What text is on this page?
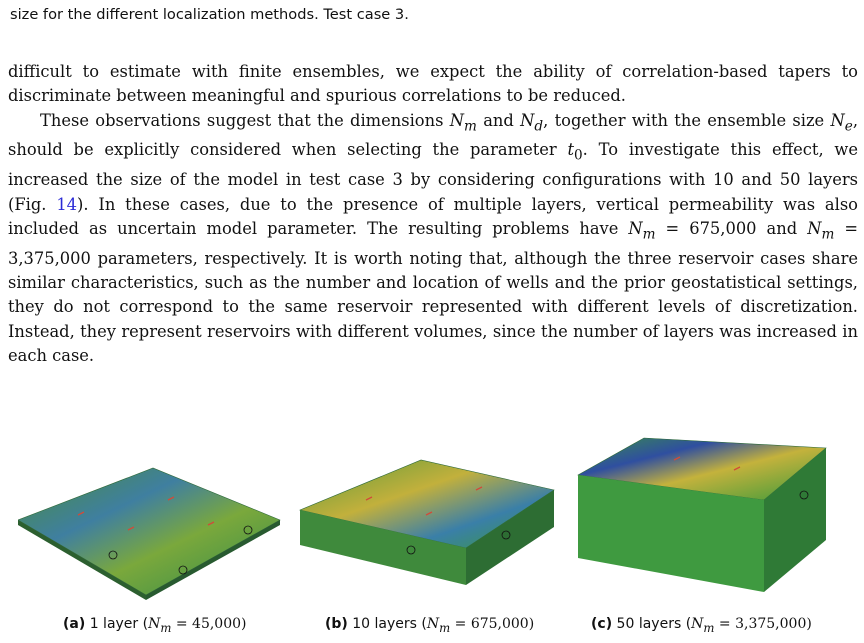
size for the different localization methods. Test case 3.

difficult to estimate with finite ensembles, we expect the ability of correlation-based tapers to discriminate between meaningful and spurious correlations to be reduced.

These observations suggest that the dimensions $N_m$ and $N_d$, together with the ensemble size $N_e$, should be explicitly considered when selecting the parameter $t_0$. To investigate this effect, we increased the size of the model in test case 3 by considering configurations with 10 and 50 layers (Fig. 14). In these cases, due to the presence of multiple layers, vertical permeability was also included as uncertain model parameter. The resulting problems have $N_m = 675,000$ and $N_m = 3,375,000$ parameters, respectively. It is worth noting that, although the three reservoir cases share similar characteristics, such as the number and location of wells and the prior geostatistical settings, they do not correspond to the same reservoir represented with different levels of discretization. Instead, they represent reservoirs with different volumes, since the number of layers was increased in each case.

(a) 1 layer $(N_m = 45,000)$	(b) 10 layers $(N_m = 675,000)$	(c) 50 layers $(N_m = 3,375,000)$
